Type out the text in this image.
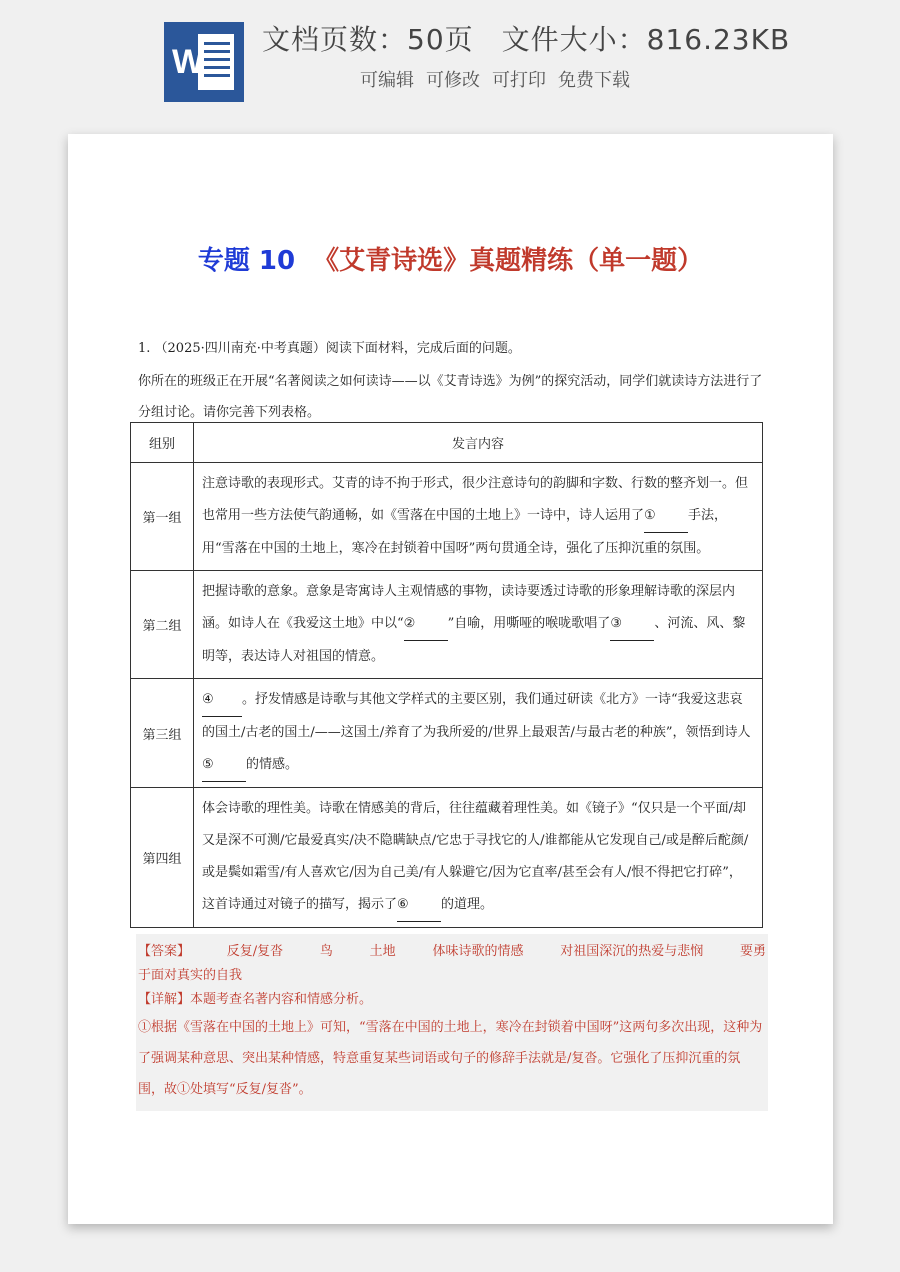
W
文档页数：50页 文件大小：816.23KB
可编辑 可修改 可打印 免费下载
专题 10 《艾青诗选》真题精练（单一题）
1. （2025·四川南充·中考真题）阅读下面材料，完成后面的问题。
你所在的班级正在开展“名著阅读之如何读诗——以《艾青诗选》为例”的探究活动，同学们就读诗方法进行了分组讨论。请你完善下列表格。
组别	发言内容
第一组	注意诗歌的表现形式。艾青的诗不拘于形式，很少注意诗句的韵脚和字数、行数的整齐划一。但也常用一些方法使气韵通畅，如《雪落在中国的土地上》一诗中，诗人运用了① 手法，用“雪落在中国的土地上，寒冷在封锁着中国呀”两句贯通全诗，强化了压抑沉重的氛围。
第二组	把握诗歌的意象。意象是寄寓诗人主观情感的事物，读诗要透过诗歌的形象理解诗歌的深层内涵。如诗人在《我爱这土地》中以“② ”自喻，用嘶哑的喉咙歌唱了③ 、河流、风、黎明等，表达诗人对祖国的情意。
第三组	④ 。抒发情感是诗歌与其他文学样式的主要区别，我们通过研读《北方》一诗“我爱这悲哀的国土/古老的国土/——这国土/养育了为我所爱的/世界上最艰苦/与最古老的种族”，领悟到诗人⑤ 的情感。
第四组	体会诗歌的理性美。诗歌在情感美的背后，往往蕴藏着理性美。如《镜子》“仅只是一个平面/却又是深不可测/它最爱真实/决不隐瞒缺点/它忠于寻找它的人/谁都能从它发现自己/或是醉后酡颜/或是鬓如霜雪/有人喜欢它/因为自己美/有人躲避它/因为它直率/甚至会有人/恨不得把它打碎”，这首诗通过对镜子的描写，揭示了⑥ 的道理。
【答案】	反复/复沓	鸟	土地	体味诗歌的情感	对祖国深沉的热爱与悲悯	要勇
于面对真实的自我
【详解】本题考查名著内容和情感分析。
①根据《雪落在中国的土地上》可知，“雪落在中国的土地上，寒冷在封锁着中国呀”这两句多次出现，这种为了强调某种意思、突出某种情感，特意重复某些词语或句子的修辞手法就是/复沓。它强化了压抑沉重的氛围，故①处填写“反复/复沓”。
